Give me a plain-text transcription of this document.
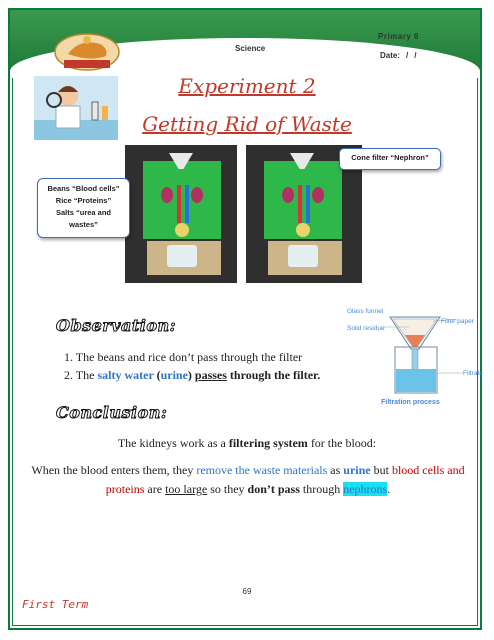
Science
Primary 6
Date: / /
Experiment 2
Getting Rid of Waste
Beans “Blood cells”
Rice “Proteins”
Salts “urea and
wastes”
Cone filter “Nephron”
Observation:
1. The beans and rice don’t pass through the filter
2. The salty water (urine) passes through the filter.
Glass funnel
Filter paper
Solid residue
Filtrate
Filtration process
Conclusion:
The kidneys work as a filtering system for the blood:
When the blood enters them, they remove the waste materials as urine but blood cells and proteins are too large so they don’t pass through nephrons.
69
First Term
